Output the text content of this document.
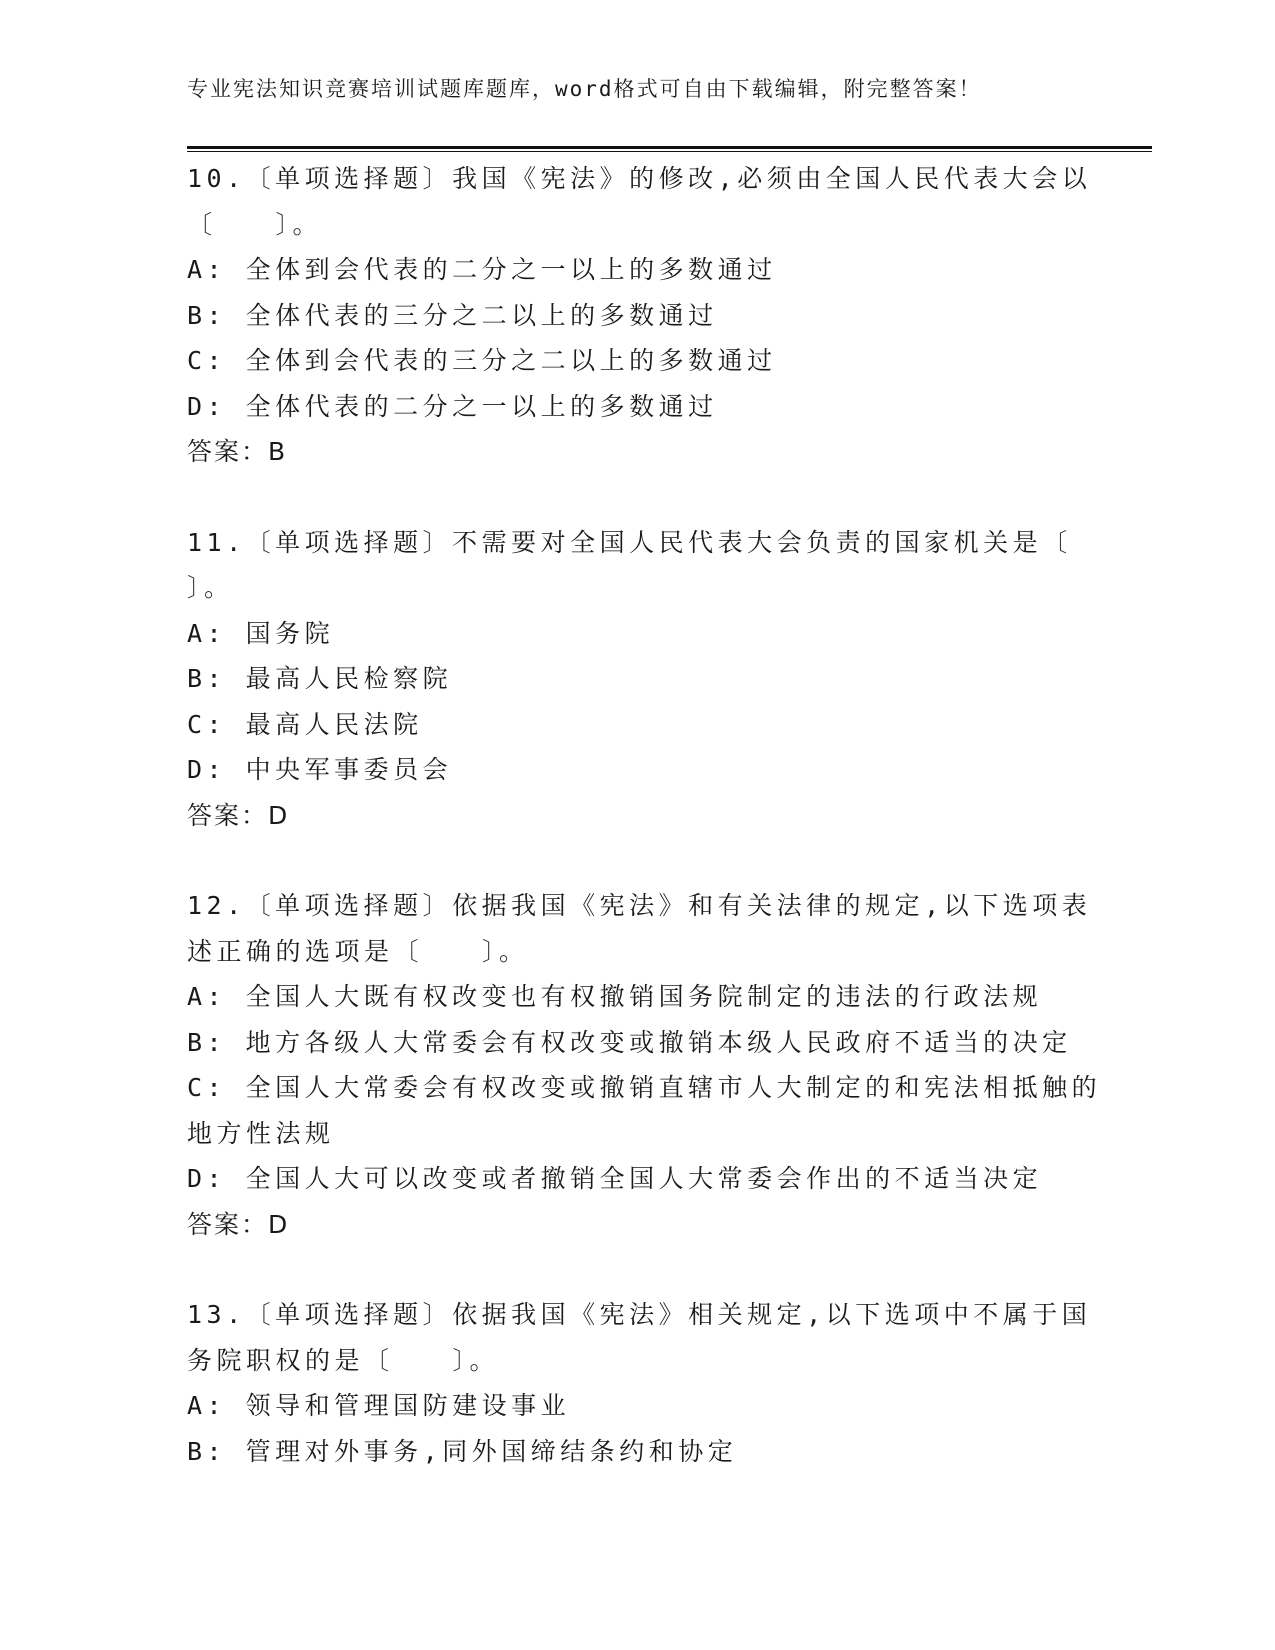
专业宪法知识竞赛培训试题库题库，word格式可自由下载编辑，附完整答案！
10.〔单项选择题〕我国《宪法》的修改,必须由全国人民代表大会以
〔　　〕。
A: 全体到会代表的二分之一以上的多数通过
B: 全体代表的三分之二以上的多数通过
C: 全体到会代表的三分之二以上的多数通过
D: 全体代表的二分之一以上的多数通过
答案：B
11.〔单项选择题〕不需要对全国人民代表大会负责的国家机关是〔
〕。
A: 国务院
B: 最高人民检察院
C: 最高人民法院
D: 中央军事委员会
答案：D
12.〔单项选择题〕依据我国《宪法》和有关法律的规定,以下选项表
述正确的选项是〔　　〕。
A: 全国人大既有权改变也有权撤销国务院制定的违法的行政法规
B: 地方各级人大常委会有权改变或撤销本级人民政府不适当的决定
C: 全国人大常委会有权改变或撤销直辖市人大制定的和宪法相抵触的
地方性法规
D: 全国人大可以改变或者撤销全国人大常委会作出的不适当决定
答案：D
13.〔单项选择题〕依据我国《宪法》相关规定,以下选项中不属于国
务院职权的是〔　　〕。
A: 领导和管理国防建设事业
B: 管理对外事务,同外国缔结条约和协定
